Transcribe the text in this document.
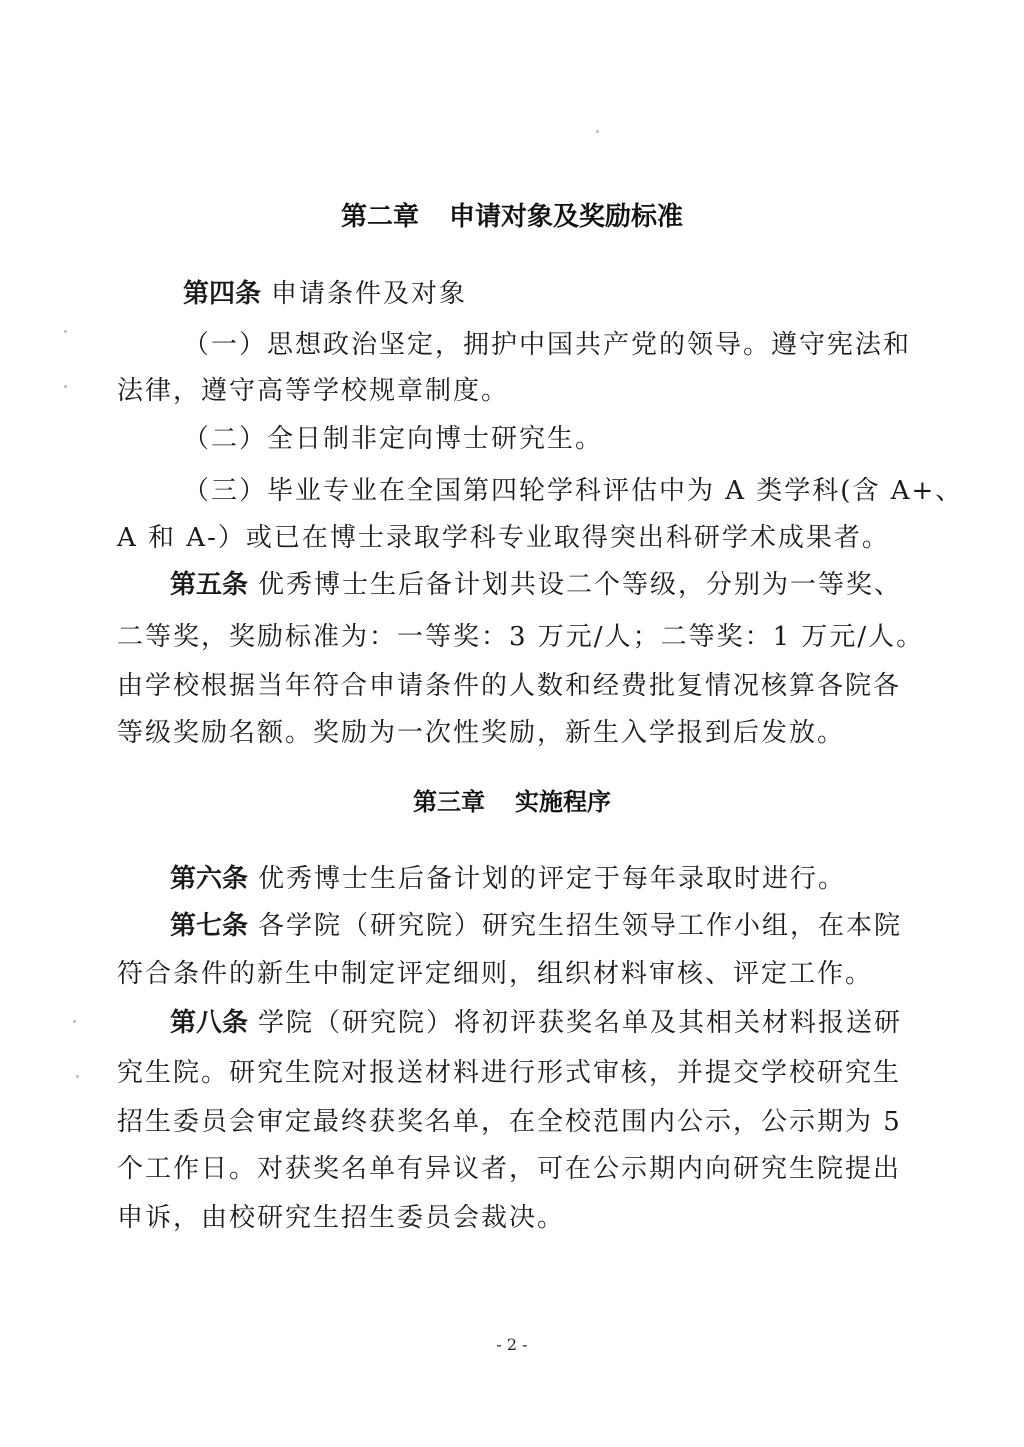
第二章 申请对象及奖励标准
第四条 申请条件及对象
（一）思想政治坚定，拥护中国共产党的领导。遵守宪法和
法律，遵守高等学校规章制度。
（二）全日制非定向博士研究生。
（三）毕业专业在全国第四轮学科评估中为 A 类学科(含 A+、
A 和 A-）或已在博士录取学科专业取得突出科研学术成果者。
第五条 优秀博士生后备计划共设二个等级，分别为一等奖、
二等奖，奖励标准为：一等奖：3 万元/人；二等奖：1 万元/人。
由学校根据当年符合申请条件的人数和经费批复情况核算各院各
等级奖励名额。奖励为一次性奖励，新生入学报到后发放。
第三章 实施程序
第六条 优秀博士生后备计划的评定于每年录取时进行。
第七条 各学院（研究院）研究生招生领导工作小组，在本院
符合条件的新生中制定评定细则，组织材料审核、评定工作。
第八条 学院（研究院）将初评获奖名单及其相关材料报送研
究生院。研究生院对报送材料进行形式审核，并提交学校研究生
招生委员会审定最终获奖名单，在全校范围内公示，公示期为 5
个工作日。对获奖名单有异议者，可在公示期内向研究生院提出
申诉，由校研究生招生委员会裁决。
- 2 -
